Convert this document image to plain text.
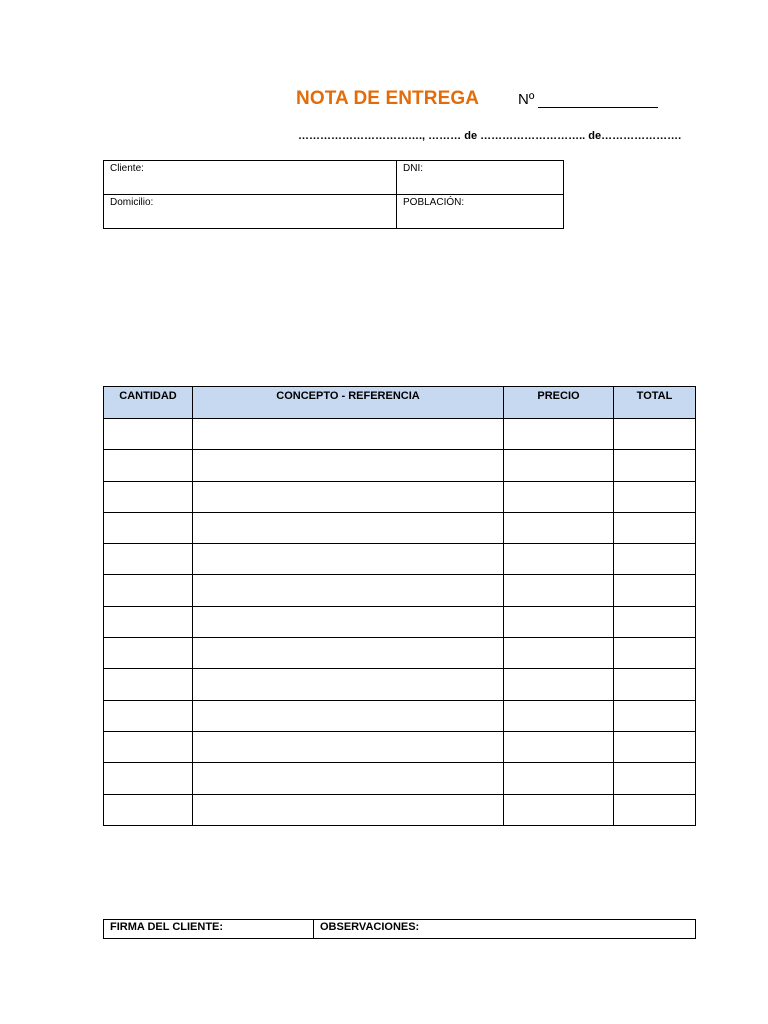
NOTA DE ENTREGA	Nº
……………………………., ……… de ……………………….. de………………….
Cliente:	DNI:
Domicilio:	POBLACIÓN:
CANTIDAD	CONCEPTO - REFERENCIA	PRECIO	TOTAL

FIRMA DEL CLIENTE:	OBSERVACIONES:
